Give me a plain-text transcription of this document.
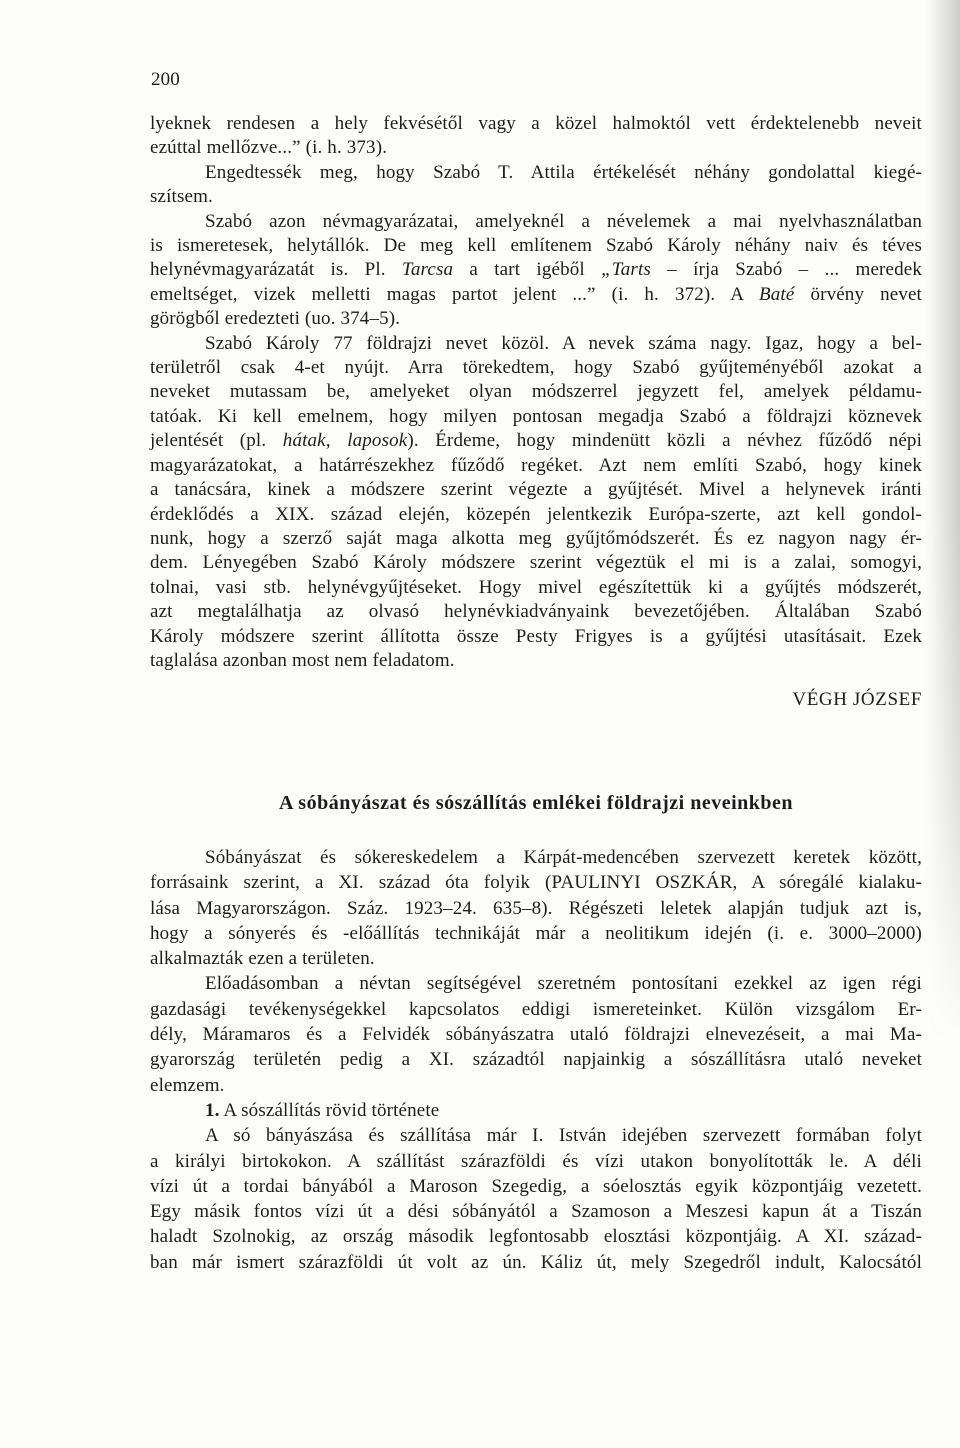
200
lyeknek rendesen a hely fekvésétől vagy a közel halmoktól vett érdektelenebb neveit
ezúttal mellőzve...” (i. h. 373).
Engedtessék meg, hogy Szabó T. Attila értékelését néhány gondolattal kiegé-
szítsem.
Szabó azon névmagyarázatai, amelyeknél a névelemek a mai nyelvhasználatban
is ismeretesek, helytállók. De meg kell említenem Szabó Károly néhány naiv és téves
helynévmagyarázatát is. Pl. Tarcsa a tart igéből „Tarts – írja Szabó – ... meredek
emeltséget, vizek melletti magas partot jelent ...” (i. h. 372). A Baté örvény nevet
görögből eredezteti (uo. 374–5).
Szabó Károly 77 földrajzi nevet közöl. A nevek száma nagy. Igaz, hogy a bel-
területről csak 4-et nyújt. Arra törekedtem, hogy Szabó gyűjteményéből azokat a
neveket mutassam be, amelyeket olyan módszerrel jegyzett fel, amelyek példamu-
tatóak. Ki kell emelnem, hogy milyen pontosan megadja Szabó a földrajzi köznevek
jelentését (pl. hátak, laposok). Érdeme, hogy mindenütt közli a névhez fűződő népi
magyarázatokat, a határrészekhez fűződő regéket. Azt nem említi Szabó, hogy kinek
a tanácsára, kinek a módszere szerint végezte a gyűjtését. Mivel a helynevek iránti
érdeklődés a XIX. század elején, közepén jelentkezik Európa-szerte, azt kell gondol-
nunk, hogy a szerző saját maga alkotta meg gyűjtőmódszerét. És ez nagyon nagy ér-
dem. Lényegében Szabó Károly módszere szerint végeztük el mi is a zalai, somogyi,
tolnai, vasi stb. helynévgyűjtéseket. Hogy mivel egészítettük ki a gyűjtés módszerét,
azt megtalálhatja az olvasó helynévkiadványaink bevezetőjében. Általában Szabó
Károly módszere szerint állította össze Pesty Frigyes is a gyűjtési utasításait. Ezek
taglalása azonban most nem feladatom.
VÉGH JÓZSEF
A sóbányászat és sószállítás emlékei földrajzi neveinkben
Sóbányászat és sókereskedelem a Kárpát-medencében szervezett keretek között,
forrásaink szerint, a XI. század óta folyik (PAULINYI OSZKÁR, A sóregálé kialaku-
lása Magyarországon. Száz. 1923–24. 635–8). Régészeti leletek alapján tudjuk azt is,
hogy a sónyerés és -előállítás technikáját már a neolitikum idején (i. e. 3000–2000)
alkalmazták ezen a területen.
Előadásomban a névtan segítségével szeretném pontosítani ezekkel az igen régi
gazdasági tevékenységekkel kapcsolatos eddigi ismereteinket. Külön vizsgálom Er-
dély, Máramaros és a Felvidék sóbányászatra utaló földrajzi elnevezéseit, a mai Ma-
gyarország területén pedig a XI. századtól napjainkig a sószállításra utaló neveket
elemzem.
1. A sószállítás rövid története
A só bányászása és szállítása már I. István idejében szervezett formában folyt
a királyi birtokokon. A szállítást szárazföldi és vízi utakon bonyolították le. A déli
vízi út a tordai bányából a Maroson Szegedig, a sóelosztás egyik központjáig vezetett.
Egy másik fontos vízi út a dési sóbányától a Szamoson a Meszesi kapun át a Tiszán
haladt Szolnokig, az ország második legfontosabb elosztási központjáig. A XI. század-
ban már ismert szárazföldi út volt az ún. Káliz út, mely Szegedről indult, Kalocsától
